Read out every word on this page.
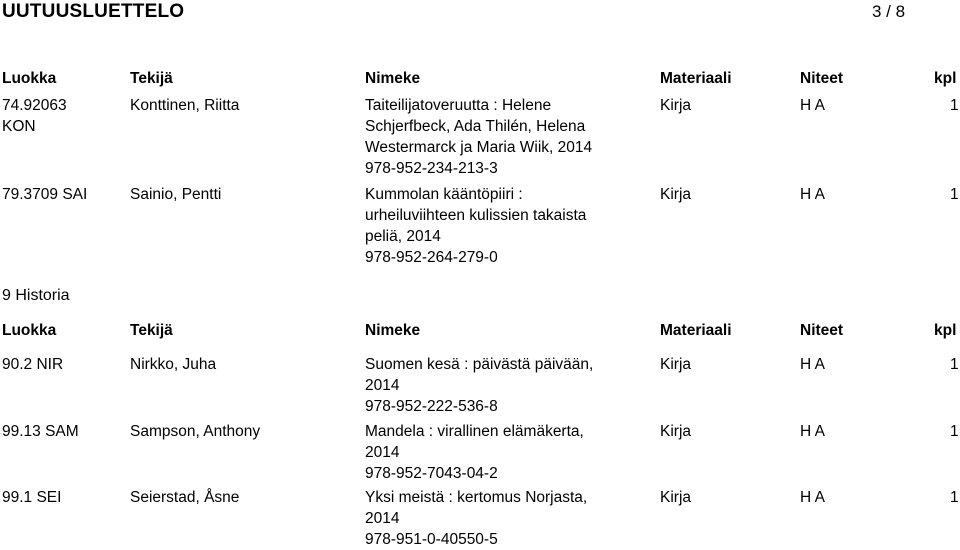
UUTUUSLUETTELO	3 / 8
Luokka	Tekijä	Nimeke	Materiaali	Niteet	kpl
74.92063
KON
Konttinen, Riitta	Taiteilijatoveruutta : Helene
Schjerfbeck, Ada Thilén, Helena
Westermarck ja Maria Wiik, 2014
978-952-234-213-3
Kirja	H A	1
79.3709 SAI	Sainio, Pentti	Kummolan kääntöpiiri :
urheiluviihteen kulissien takaista
peliä, 2014
978-952-264-279-0
Kirja	H A	1
9 Historia
Luokka	Tekijä	Nimeke	Materiaali	Niteet	kpl
90.2 NIR	Nirkko, Juha	Suomen kesä : päivästä päivään,
2014
978-952-222-536-8
Kirja	H A	1
99.13 SAM	Sampson, Anthony	Mandela : virallinen elämäkerta,
2014
978-952-7043-04-2
Kirja	H A	1
99.1 SEI	Seierstad, Åsne	Yksi meistä : kertomus Norjasta,
2014
978-951-0-40550-5
Kirja	H A	1
